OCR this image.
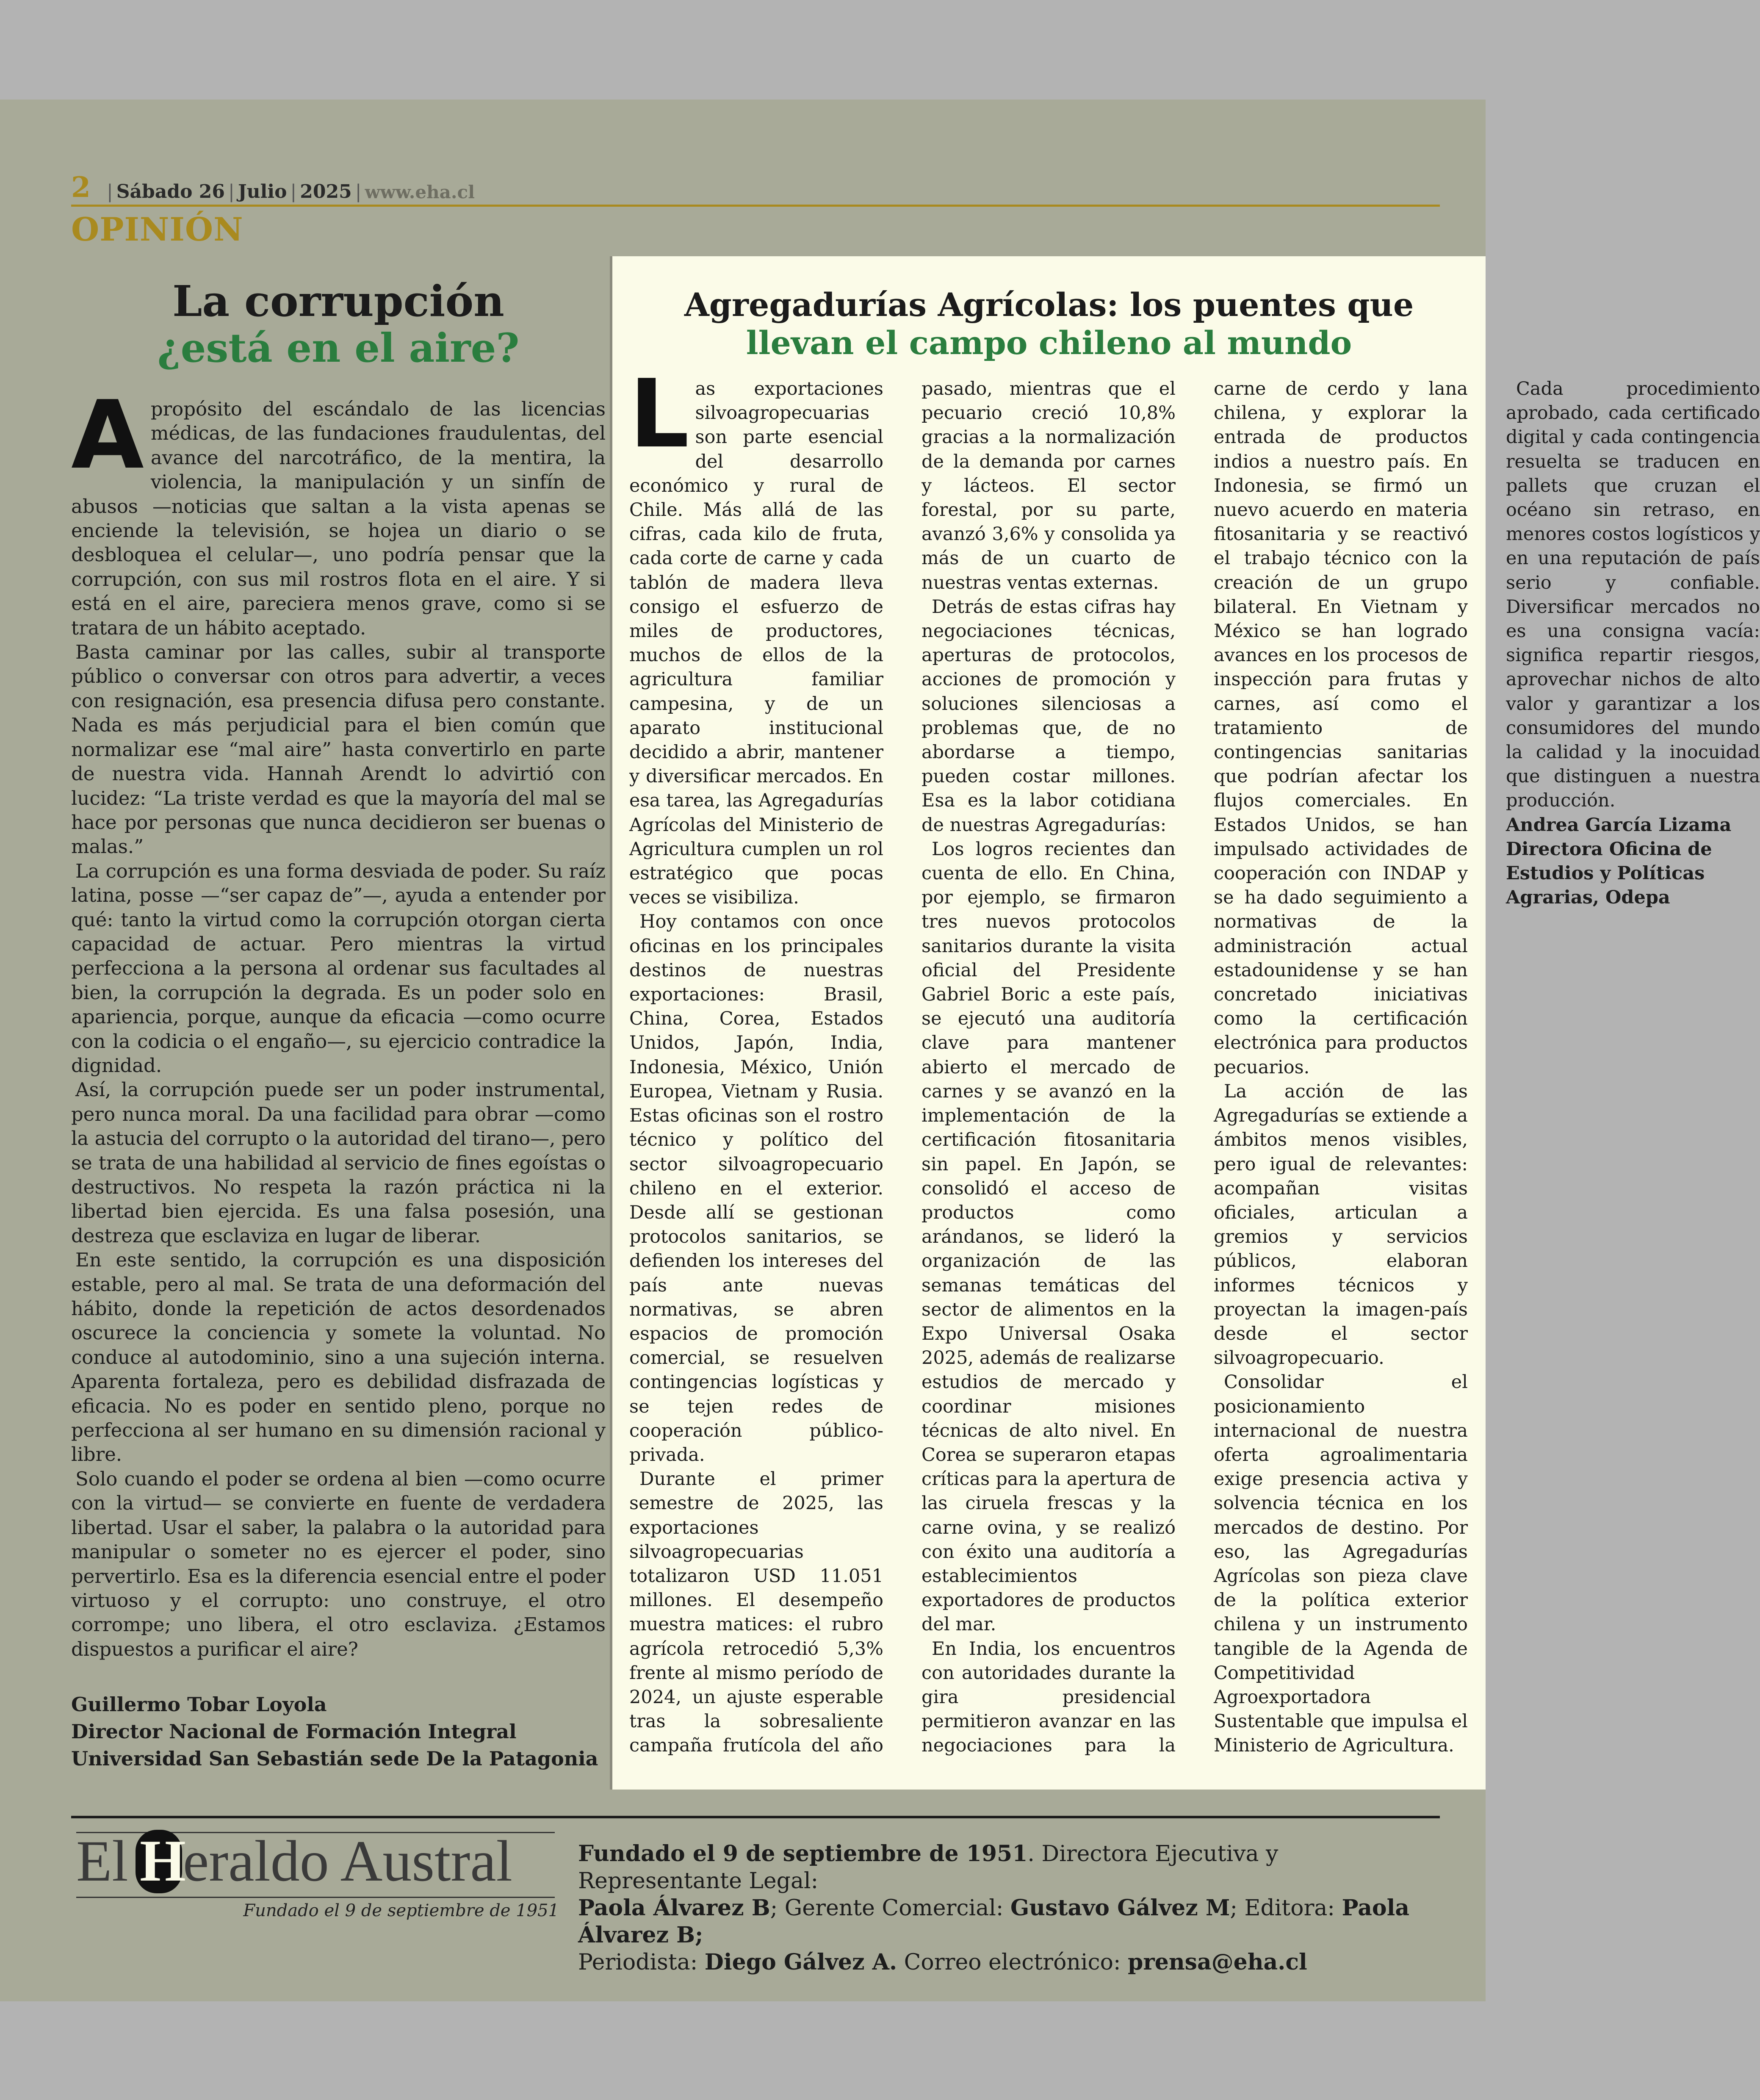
2 | Sábado 26 | Julio | 2025 | www.eha.cl
OPINIÓN
La corrupción
¿está en el aire?

Apropósito del escándalo de las licencias médicas, de las fundaciones fraudulentas, del avance del narcotráfico, de la mentira, la violencia, la manipulación y un sinfín de abusos —noticias que saltan a la vista apenas se enciende la televisión, se hojea un diario o se desbloquea el celular—, uno podría pensar que la corrupción, con sus mil rostros flota en el aire. Y si está en el aire, pareciera menos grave, como si se tratara de un hábito aceptado.

Basta caminar por las calles, subir al transporte público o conversar con otros para advertir, a veces con resignación, esa presencia difusa pero constante. Nada es más perjudicial para el bien común que normalizar ese “mal aire” hasta convertirlo en parte de nuestra vida. Hannah Arendt lo advirtió con lucidez: “La triste verdad es que la mayoría del mal se hace por personas que nunca decidieron ser buenas o malas.”

La corrupción es una forma desviada de poder. Su raíz latina, posse —“ser capaz de”—, ayuda a entender por qué: tanto la virtud como la corrupción otorgan cierta capacidad de actuar. Pero mientras la virtud perfecciona a la persona al ordenar sus facultades al bien, la corrupción la degrada. Es un poder solo en apariencia, porque, aunque da eficacia —como ocurre con la codicia o el engaño—, su ejercicio contradice la dignidad.

Así, la corrupción puede ser un poder instrumental, pero nunca moral. Da una facilidad para obrar —como la astucia del corrupto o la autoridad del tirano—, pero se trata de una habilidad al servicio de fines egoístas o destructivos. No respeta la razón práctica ni la libertad bien ejercida. Es una falsa posesión, una destreza que esclaviza en lugar de liberar.

En este sentido, la corrupción es una disposición estable, pero al mal. Se trata de una deformación del hábito, donde la repetición de actos desordenados oscurece la conciencia y somete la voluntad. No conduce al autodominio, sino a una sujeción interna. Aparenta fortaleza, pero es debilidad disfrazada de eficacia. No es poder en sentido pleno, porque no perfecciona al ser humano en su dimensión racional y libre.

Solo cuando el poder se ordena al bien —como ocurre con la virtud— se convierte en fuente de verdadera libertad. Usar el saber, la palabra o la autoridad para manipular o someter no es ejercer el poder, sino pervertirlo. Esa es la diferencia esencial entre el poder virtuoso y el corrupto: uno construye, el otro corrompe; uno libera, el otro esclaviza. ¿Estamos dispuestos a purificar el aire?

Guillermo Tobar Loyola
Director Nacional de Formación Integral
Universidad San Sebastián sede De la Patagonia
Agregadurías Agrícolas: los puentes que
llevan el campo chileno al mundo

Las exportaciones silvoagropecuarias son parte esencial del desarrollo económico y rural de Chile. Más allá de las cifras, cada kilo de fruta, cada corte de carne y cada tablón de madera lleva consigo el esfuerzo de miles de productores, muchos de ellos de la agricultura familiar campesina, y de un aparato institucional decidido a abrir, mantener y diversificar mercados. En esa tarea, las Agregadurías Agrícolas del Ministerio de Agricultura cumplen un rol estratégico que pocas veces se visibiliza.

Hoy contamos con once oficinas en los principales destinos de nuestras exportaciones: Brasil, China, Corea, Estados Unidos, Japón, India, Indonesia, México, Unión Europea, Vietnam y Rusia. Estas oficinas son el rostro técnico y político del sector silvoagropecuario chileno en el exterior. Desde allí se gestionan protocolos sanitarios, se defienden los intereses del país ante nuevas normativas, se abren espacios de promoción comercial, se resuelven contingencias logísticas y se tejen redes de cooperación público-privada.

Durante el primer semestre de 2025, las exportaciones silvoagropecuarias totalizaron USD 11.051 millones. El desempeño muestra matices: el rubro agrícola retrocedió 5,3% frente al mismo período de 2024, un ajuste esperable tras la sobresaliente campaña frutícola del año pasado, mientras que el pecuario creció 10,8% gracias a la normalización de la demanda por carnes y lácteos. El sector forestal, por su parte, avanzó 3,6% y consolida ya más de un cuarto de nuestras ventas externas.

Detrás de estas cifras hay negociaciones técnicas, aperturas de protocolos, acciones de promoción y soluciones silenciosas a problemas que, de no abordarse a tiempo, pueden costar millones. Esa es la labor cotidiana de nuestras Agregadurías:

Los logros recientes dan cuenta de ello. En China, por ejemplo, se firmaron tres nuevos protocolos sanitarios durante la visita oficial del Presidente Gabriel Boric a este país, se ejecutó una auditoría clave para mantener abierto el mercado de carnes y se avanzó en la implementación de la certificación fitosanitaria sin papel. En Japón, se consolidó el acceso de productos como arándanos, se lideró la organización de las semanas temáticas del sector de alimentos en la Expo Universal Osaka 2025, además de realizarse estudios de mercado y coordinar misiones técnicas de alto nivel. En Corea se superaron etapas críticas para la apertura de las ciruela frescas y la carne ovina, y se realizó con éxito una auditoría a establecimientos exportadores de productos del mar.

En India, los encuentros con autoridades durante la gira presidencial permitieron avanzar en las negociaciones para la carne de cerdo y lana chilena, y explorar la entrada de productos indios a nuestro país. En Indonesia, se firmó un nuevo acuerdo en materia fitosanitaria y se reactivó el trabajo técnico con la creación de un grupo bilateral. En Vietnam y México se han logrado avances en los procesos de inspección para frutas y carnes, así como el tratamiento de contingencias sanitarias que podrían afectar los flujos comerciales. En Estados Unidos, se han impulsado actividades de cooperación con INDAP y se ha dado seguimiento a normativas de la administración actual estadounidense y se han concretado iniciativas como la certificación electrónica para productos pecuarios.

La acción de las Agregadurías se extiende a ámbitos menos visibles, pero igual de relevantes: acompañan visitas oficiales, articulan a gremios y servicios públicos, elaboran informes técnicos y proyectan la imagen-país desde el sector silvoagropecuario.

Consolidar el posicionamiento internacional de nuestra oferta agroalimentaria exige presencia activa y solvencia técnica en los mercados de destino. Por eso, las Agregadurías Agrícolas son pieza clave de la política exterior chilena y un instrumento tangible de la Agenda de Competitividad Agroexportadora Sustentable que impulsa el Ministerio de Agricultura.

Cada procedimiento aprobado, cada certificado digital y cada contingencia resuelta se traducen en pallets que cruzan el océano sin retraso, en menores costos logísticos y en una reputación de país serio y confiable. Diversificar mercados no es una consigna vacía: significa repartir riesgos, aprovechar nichos de alto valor y garantizar a los consumidores del mundo la calidad y la inocuidad que distinguen a nuestra producción.

Andrea García Lizama
Directora Oficina de
Estudios y Políticas
Agrarias, Odepa

El H
eraldo Austral
Fundado el 9 de septiembre de 1951
Fundado el 9 de septiembre de 1951. Directora Ejecutiva y Representante Legal:
Paola Álvarez B; Gerente Comercial: Gustavo Gálvez M; Editora: Paola Álvarez B;
Periodista: Diego Gálvez A. Correo electrónico: prensa@eha.cl
